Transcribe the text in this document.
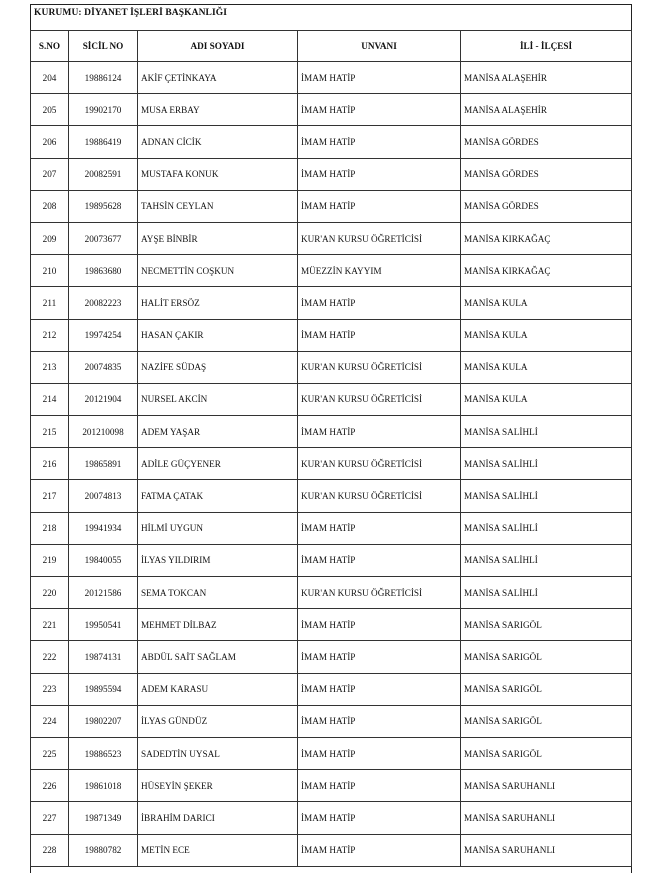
KURUMU: DİYANET İŞLERİ BAŞKANLIĞI
S.NO	SİCİL NO	ADI SOYADI	UNVANI	İLİ - İLÇESİ
204	19886124	AKİF ÇETİNKAYA	İMAM HATİP	MANİSA ALAŞEHİR
205	19902170	MUSA ERBAY	İMAM HATİP	MANİSA ALAŞEHİR
206	19886419	ADNAN CİCİK	İMAM HATİP	MANİSA GÖRDES
207	20082591	MUSTAFA KONUK	İMAM HATİP	MANİSA GÖRDES
208	19895628	TAHSİN CEYLAN	İMAM HATİP	MANİSA GÖRDES
209	20073677	AYŞE BİNBİR	KUR'AN KURSU ÖĞRETİCİSİ	MANİSA KIRKAĞAÇ
210	19863680	NECMETTİN COŞKUN	MÜEZZİN KAYYIM	MANİSA KIRKAĞAÇ
211	20082223	HALİT ERSÖZ	İMAM HATİP	MANİSA KULA
212	19974254	HASAN ÇAKIR	İMAM HATİP	MANİSA KULA
213	20074835	NAZİFE SÜDAŞ	KUR'AN KURSU ÖĞRETİCİSİ	MANİSA KULA
214	20121904	NURSEL AKCİN	KUR'AN KURSU ÖĞRETİCİSİ	MANİSA KULA
215	201210098	ADEM YAŞAR	İMAM HATİP	MANİSA SALİHLİ
216	19865891	ADİLE GÜÇYENER	KUR'AN KURSU ÖĞRETİCİSİ	MANİSA SALİHLİ
217	20074813	FATMA ÇATAK	KUR'AN KURSU ÖĞRETİCİSİ	MANİSA SALİHLİ
218	19941934	HİLMİ UYGUN	İMAM HATİP	MANİSA SALİHLİ
219	19840055	İLYAS YILDIRIM	İMAM HATİP	MANİSA SALİHLİ
220	20121586	SEMA TOKCAN	KUR'AN KURSU ÖĞRETİCİSİ	MANİSA SALİHLİ
221	19950541	MEHMET DİLBAZ	İMAM HATİP	MANİSA SARIGÖL
222	19874131	ABDÜL SAİT SAĞLAM	İMAM HATİP	MANİSA SARIGÖL
223	19895594	ADEM KARASU	İMAM HATİP	MANİSA SARIGÖL
224	19802207	İLYAS GÜNDÜZ	İMAM HATİP	MANİSA SARIGÖL
225	19886523	SADEDTİN UYSAL	İMAM HATİP	MANİSA SARIGÖL
226	19861018	HÜSEYİN ŞEKER	İMAM HATİP	MANİSA SARUHANLI
227	19871349	İBRAHİM DARICI	İMAM HATİP	MANİSA SARUHANLI
228	19880782	METİN ECE	İMAM HATİP	MANİSA SARUHANLI
